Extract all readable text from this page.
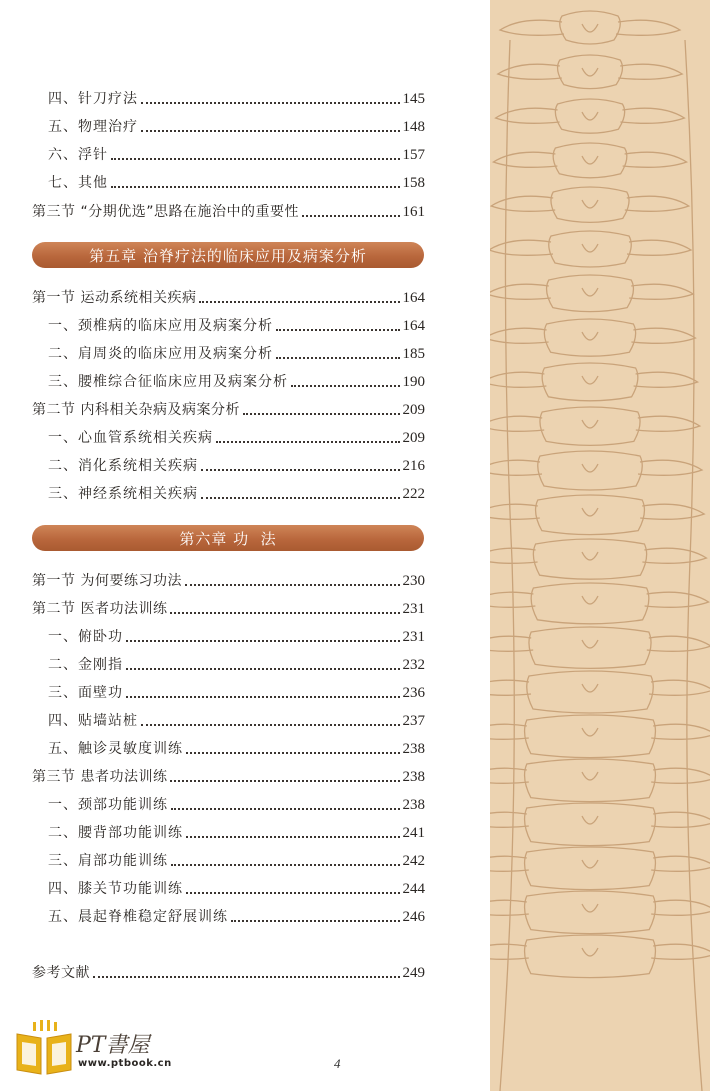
四、针刀疗法	145
五、物理治疗	148
六、浮针	157
七、其他	158
第三节 “分期优选”思路在施治中的重要性	161
第五章 治脊疗法的临床应用及病案分析
第一节 运动系统相关疾病	164
一、颈椎病的临床应用及病案分析	164
二、肩周炎的临床应用及病案分析	185
三、腰椎综合征临床应用及病案分析	190
第二节 内科相关杂病及病案分析	209
一、心血管系统相关疾病	209
二、消化系统相关疾病	216
三、神经系统相关疾病	222
第六章 功  法
第一节 为何要练习功法	230
第二节 医者功法训练	231
一、俯卧功	231
二、金刚指	232
三、面壁功	236
四、贴墙站桩	237
五、触诊灵敏度训练	238
第三节 患者功法训练	238
一、颈部功能训练	238
二、腰背部功能训练	241
三、肩部功能训练	242
四、膝关节功能训练	244
五、晨起脊椎稳定舒展训练	246
参考文献	249
PT書屋
www.ptbook.cn	4
